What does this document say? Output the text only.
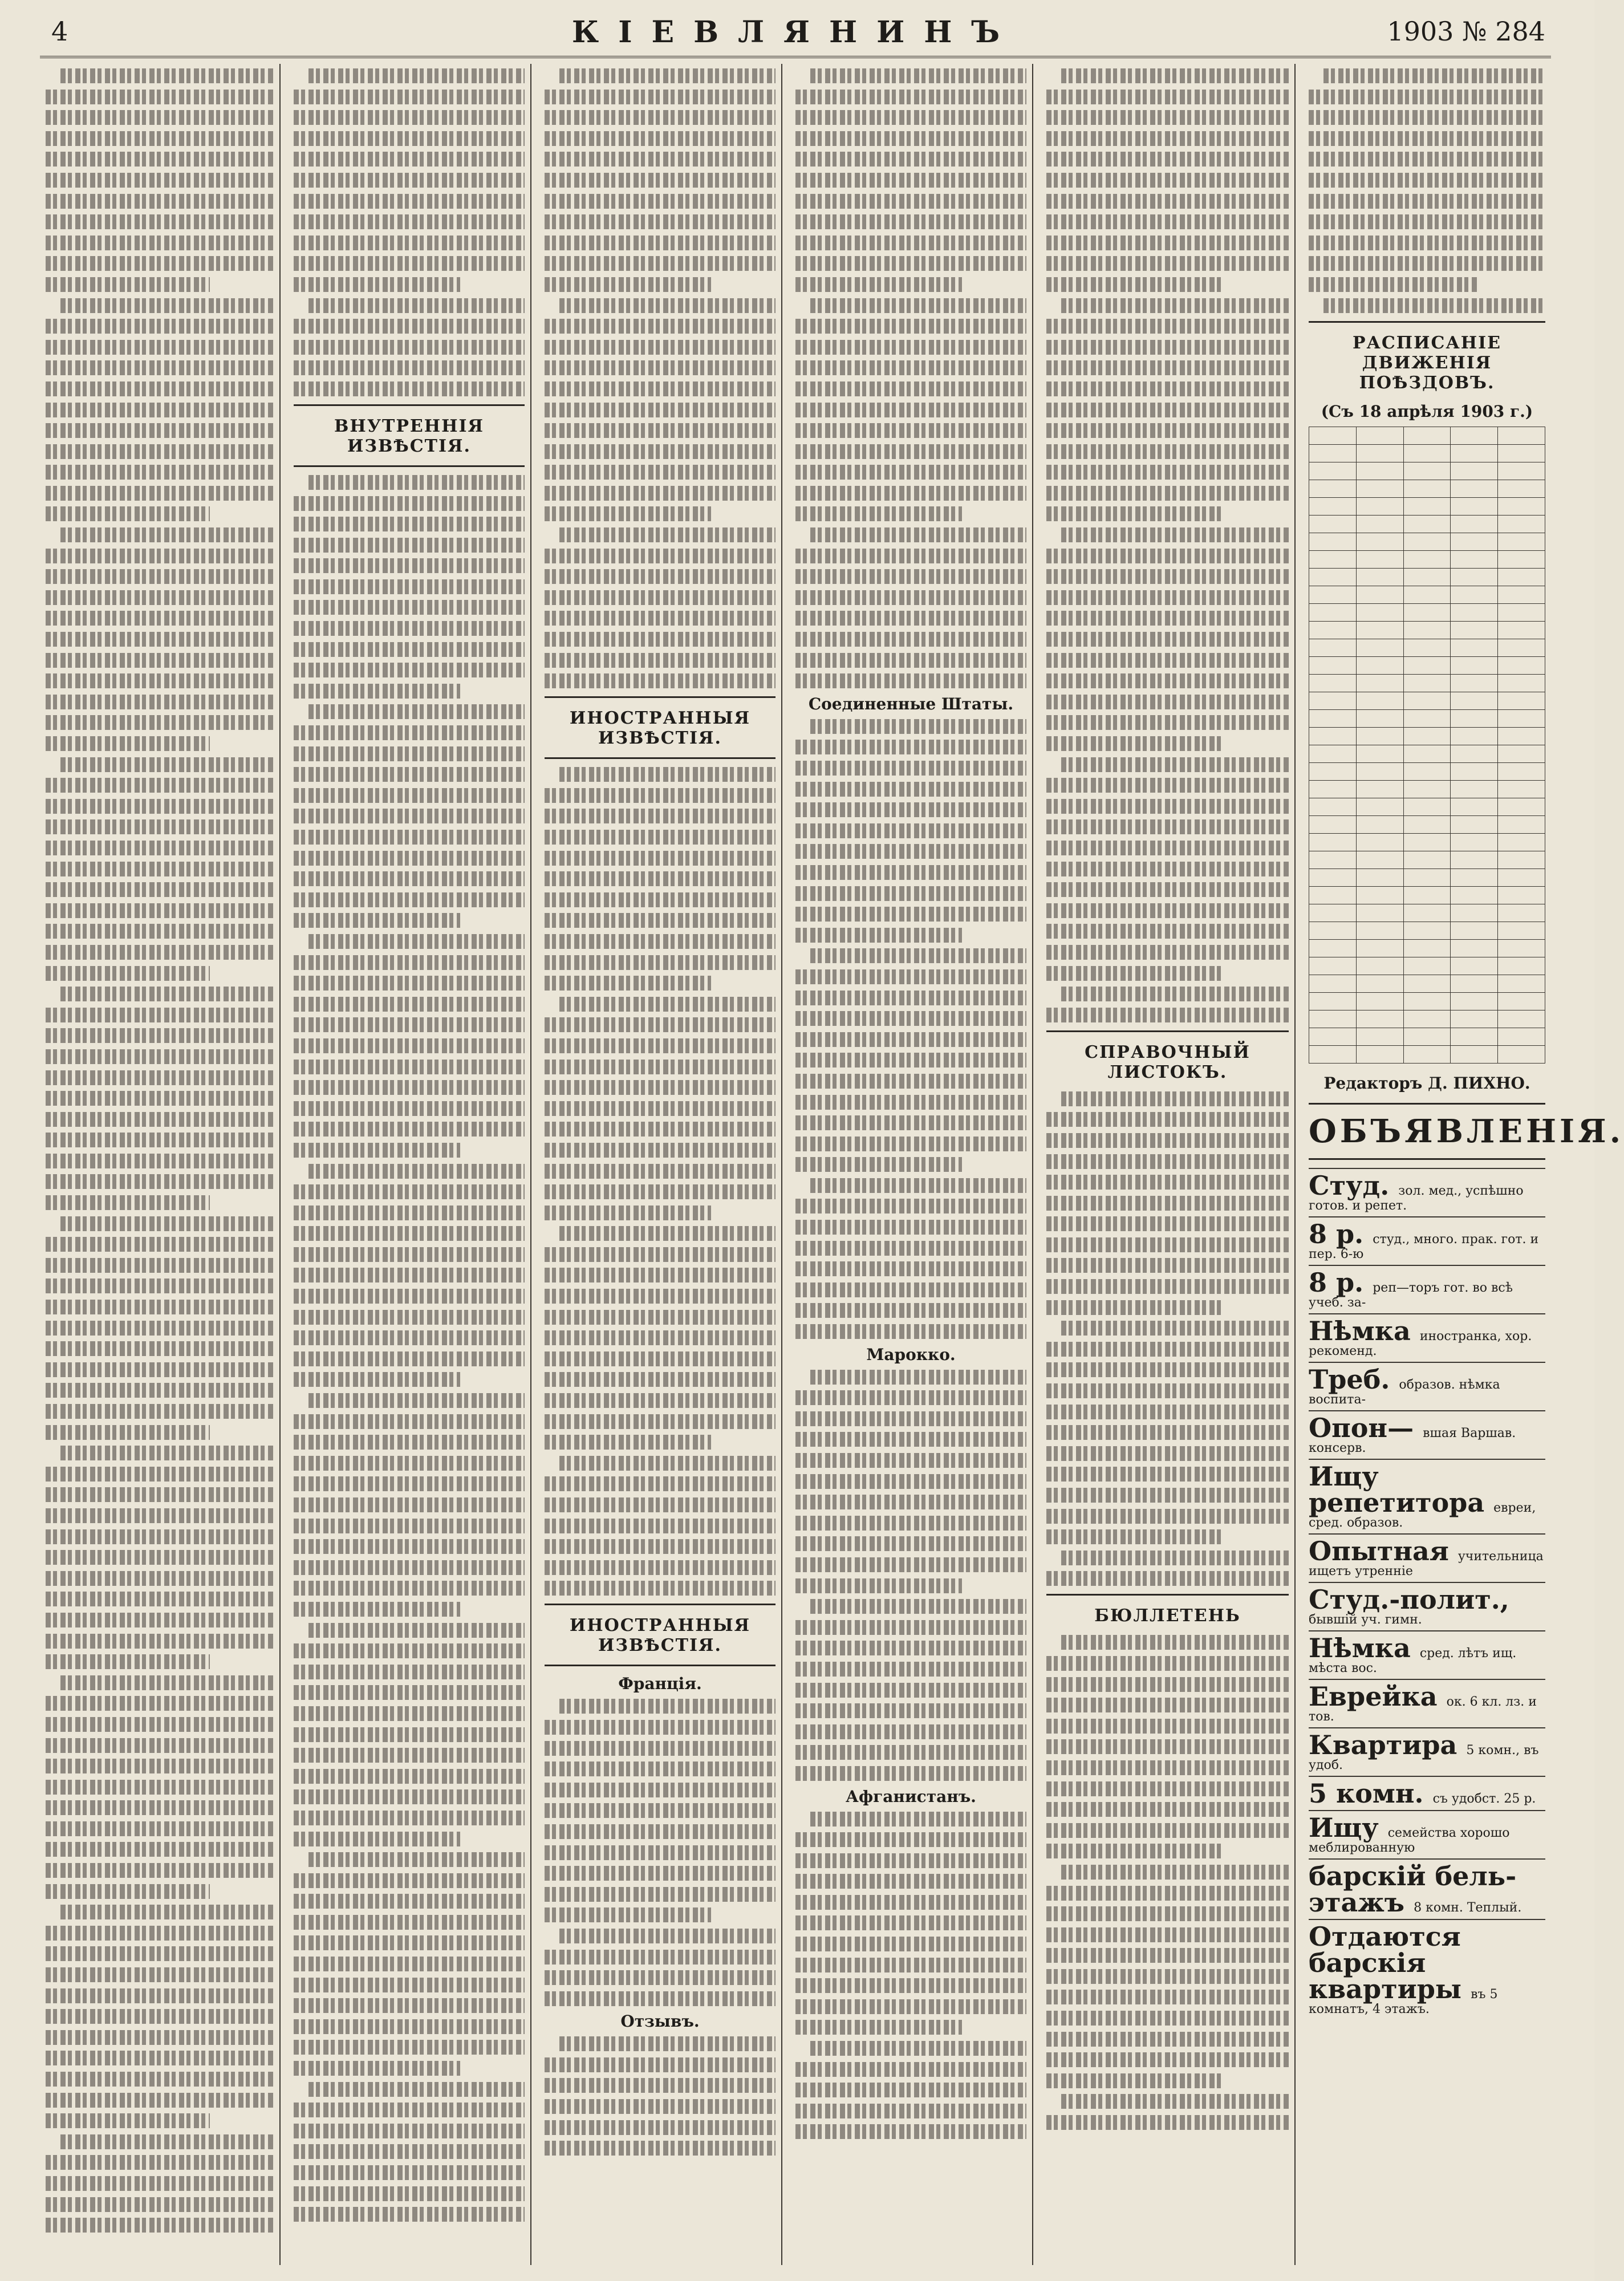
4	КІЕВЛЯНИНЪ	1903 № 284
ВНУТРЕННІЯ ИЗВѢСТІЯ.
ИНОСТРАННЫЯ ИЗВѢСТІЯ.
ИНОСТРАННЫЯ ИЗВѢСТІЯ.
Франція.
Отзывъ.
Соединенные Штаты.
Марокко.
Афганистанъ.
СПРАВОЧНЫЙ ЛИСТОКЪ.
БЮЛЛЕТЕНЬ
РАСПИСАНІЕ ДВИЖЕНІЯ ПОѢЗДОВЪ.
(Съ 18 апрѣля 1903 г.)

Редакторъ Д. ПИХНО.
ОБЪЯВЛЕНІЯ.
Студ. зол. мед., успѣшно готов. и репет.
8 р. студ., много. прак. гот. и пер. 6-ю
8 р. реп—торъ гот. во всѣ учеб. за-
Нѣмка иностранка, хор. рекоменд.
Треб. образов. нѣмка воспита-
Опон— вшая Варшав. консерв.
Ищу репетитора евреи, сред. образов.
Опытная учительница ищетъ утренніе
Студ.-полит., бывшій уч. гимн.
Нѣмка сред. лѣтъ ищ. мѣста вос.
Еврейка ок. 6 кл. лз. и тов.
Квартира 5 комн., въ удоб.
5 комн. съ удобст. 25 р.
Ищу семейства хорошо меблированную
барскій бель-этажъ 8 комн. Теплый.
Отдаются барскія квартиры въ 5 комнатъ, 4 этажъ.
